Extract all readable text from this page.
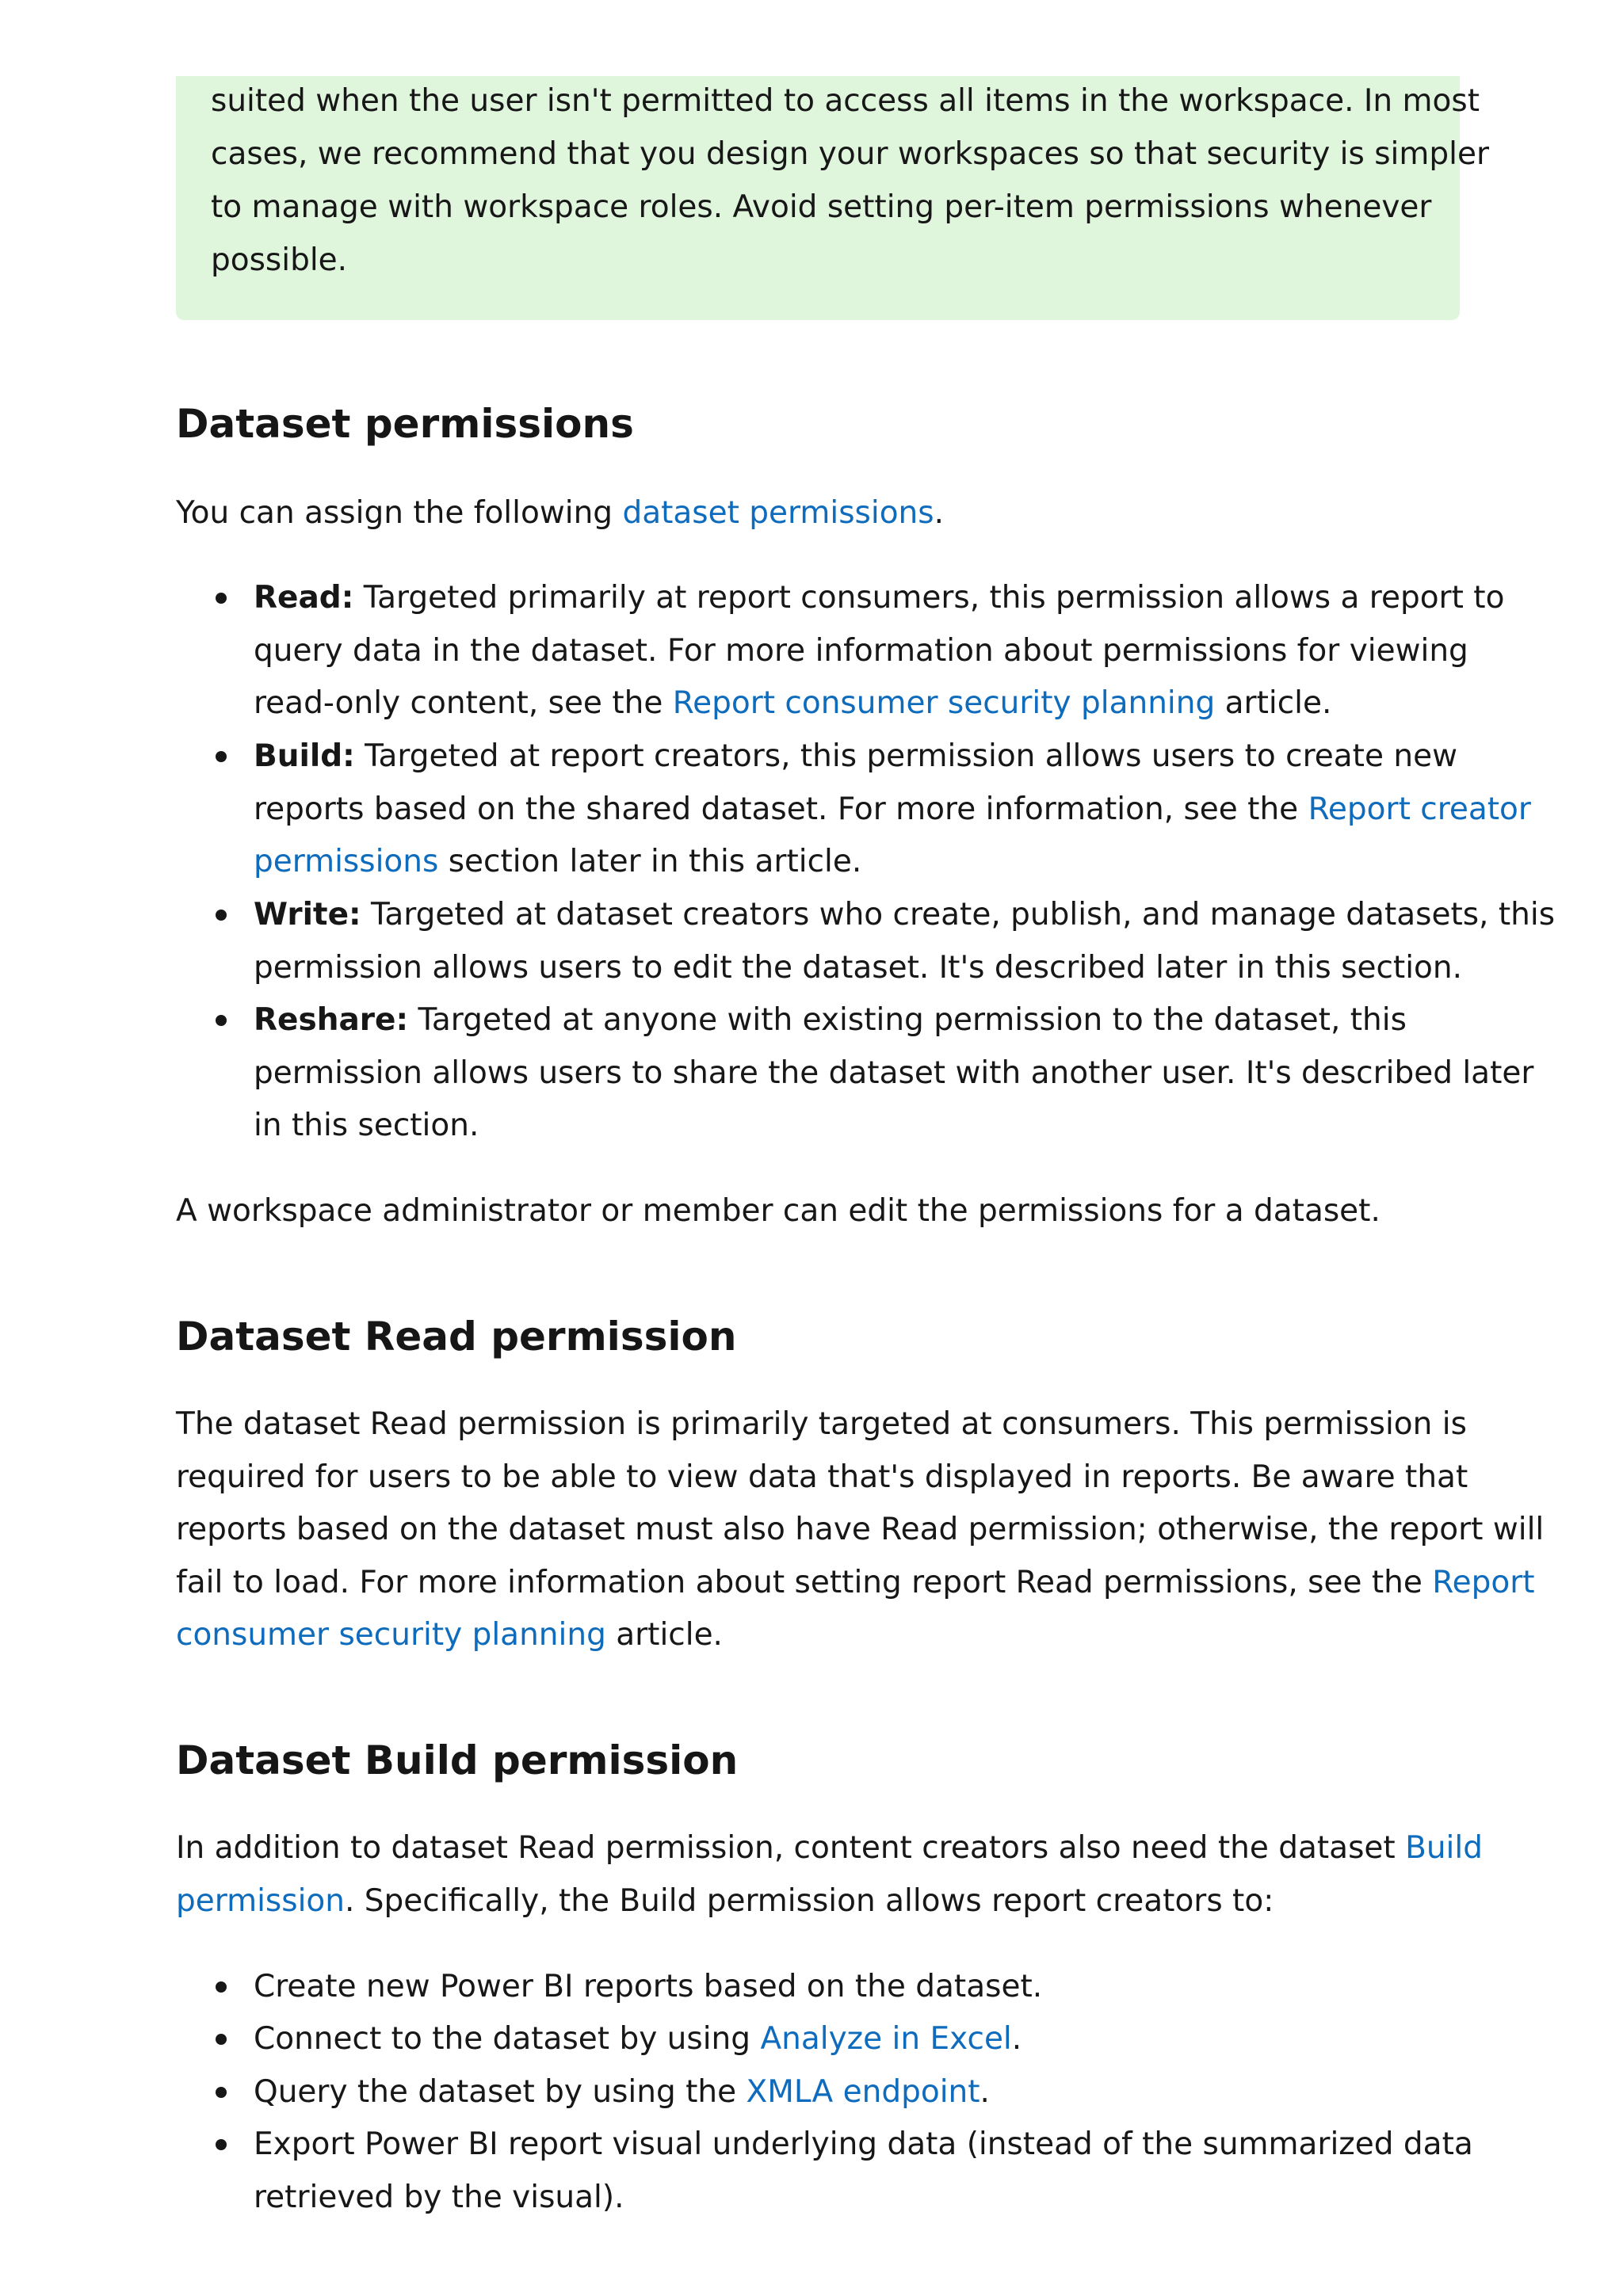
suited when the user isn't permitted to access all items in the workspace. In most
cases, we recommend that you design your workspaces so that security is simpler
to manage with workspace roles. Avoid setting per-item permissions whenever
possible.
Dataset permissions
You can assign the following dataset permissions.
Read: Targeted primarily at report consumers, this permission allows a report to
query data in the dataset. For more information about permissions for viewing
read-only content, see the Report consumer security planning article.
Build: Targeted at report creators, this permission allows users to create new
reports based on the shared dataset. For more information, see the Report creator
permissions section later in this article.
Write: Targeted at dataset creators who create, publish, and manage datasets, this
permission allows users to edit the dataset. It's described later in this section.
Reshare: Targeted at anyone with existing permission to the dataset, this
permission allows users to share the dataset with another user. It's described later
in this section.
A workspace administrator or member can edit the permissions for a dataset.
Dataset Read permission
The dataset Read permission is primarily targeted at consumers. This permission is
required for users to be able to view data that's displayed in reports. Be aware that
reports based on the dataset must also have Read permission; otherwise, the report will
fail to load. For more information about setting report Read permissions, see the Report
consumer security planning article.
Dataset Build permission
In addition to dataset Read permission, content creators also need the dataset Build
permission. Specifically, the Build permission allows report creators to:
Create new Power BI reports based on the dataset.
Connect to the dataset by using Analyze in Excel.
Query the dataset by using the XMLA endpoint.
Export Power BI report visual underlying data (instead of the summarized data
retrieved by the visual).
